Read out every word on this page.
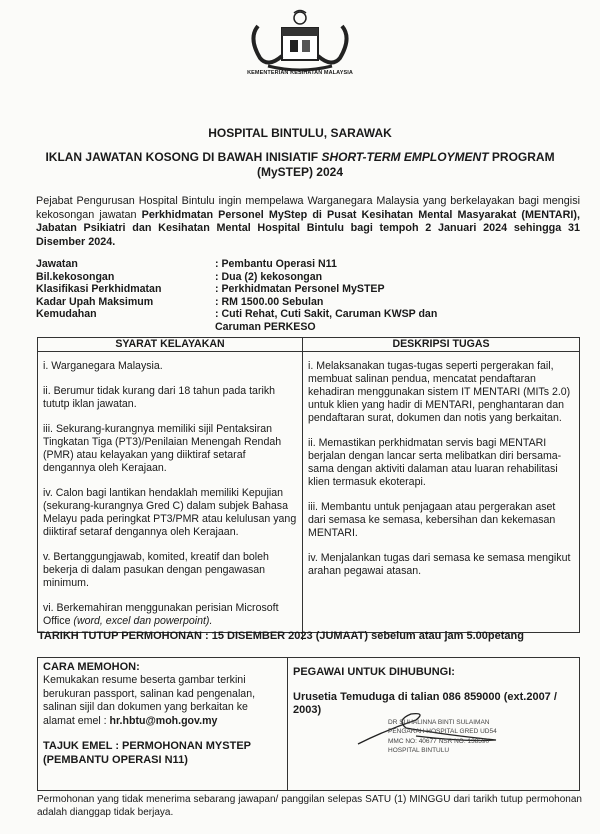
KEMENTERIAN KESIHATAN MALAYSIA
HOSPITAL BINTULU, SARAWAK
IKLAN JAWATAN KOSONG DI BAWAH INISIATIF SHORT-TERM EMPLOYMENT PROGRAM (MySTEP) 2024
Pejabat Pengurusan Hospital Bintulu ingin mempelawa Warganegara Malaysia yang berkelayakan bagi mengisi kekosongan jawatan Perkhidmatan Personel MyStep di Pusat Kesihatan Mental Masyarakat (MENTARI), Jabatan Psikiatri dan Kesihatan Mental Hospital Bintulu bagi tempoh 2 Januari 2024 sehingga 31 Disember 2024.
Jawatan	: Pembantu Operasi N11
Bil.kekosongan	: Dua (2) kekosongan
Klasifikasi Perkhidmatan	: Perkhidmatan Personel MySTEP
Kadar Upah Maksimum	: RM 1500.00 Sebulan
Kemudahan	: Cuti Rehat, Cuti Sakit, Caruman KWSP dan Caruman PERKESO
SYARAT KELAYAKAN	DESKRIPSI TUGAS

i. Warganegara Malaysia.

ii. Berumur tidak kurang dari 18 tahun pada tarikh tututp iklan jawatan.

iii. Sekurang-kurangnya memiliki sijil Pentaksiran Tingkatan Tiga (PT3)/Penilaian Menengah Rendah (PMR) atau kelayakan yang diiktiraf setaraf dengannya oleh Kerajaan.

iv. Calon bagi lantikan hendaklah memiliki Kepujian (sekurang-kurangnya Gred C) dalam subjek Bahasa Melayu pada peringkat PT3/PMR atau kelulusan yang diiktiraf setaraf dengannya oleh Kerajaan.

v. Bertanggungjawab, komited, kreatif dan boleh bekerja di dalam pasukan dengan pengawasan minimum.

vi. Berkemahiran menggunakan perisian Microsoft Office (word, excel dan powerpoint).

i. Melaksanakan tugas-tugas seperti pergerakan fail, membuat salinan pendua, mencatat pendaftaran kehadiran menggunakan sistem IT MENTARI (MITs 2.0) untuk klien yang hadir di MENTARI, penghantaran dan pendaftaran surat, dokumen dan notis yang berkaitan.

ii. Memastikan perkhidmatan servis bagi MENTARI berjalan dengan lancar serta melibatkan diri bersama-sama dengan aktiviti dalaman atau luaran rehabilitasi klien termasuk ekoterapi.

iii. Membantu untuk penjagaan atau pergerakan aset dari semasa ke semasa, kebersihan dan kekemasan MENTARI.

iv. Menjalankan tugas dari semasa ke semasa mengikut arahan pegawai atasan.

TARIKH TUTUP PERMOHONAN : 15 DISEMBER 2023 (JUMAAT) sebelum atau jam 5.00petang
CARA MEMOHON:
Kemukakan resume beserta gambar terkini berukuran passport, salinan kad pengenalan, salinan sijil dan dokumen yang berkaitan ke alamat emel : hr.hbtu@moh.gov.my
TAJUK EMEL : PERMOHONAN MYSTEP (PEMBANTU OPERASI N11)
PEGAWAI UNTUK DIHUBUNGI:
Urusetia Temuduga di talian 086 859000 (ext.2007 / 2003)
DR SUHALINNA BINTI SULAIMAN
PENGARAH HOSPITAL GRED UD54
MMC NO: 40677 NSR NO: 138590
HOSPITAL BINTULU
Permohonan yang tidak menerima sebarang jawapan/ panggilan selepas SATU (1) MINGGU dari tarikh tutup permohonan adalah dianggap tidak berjaya.
